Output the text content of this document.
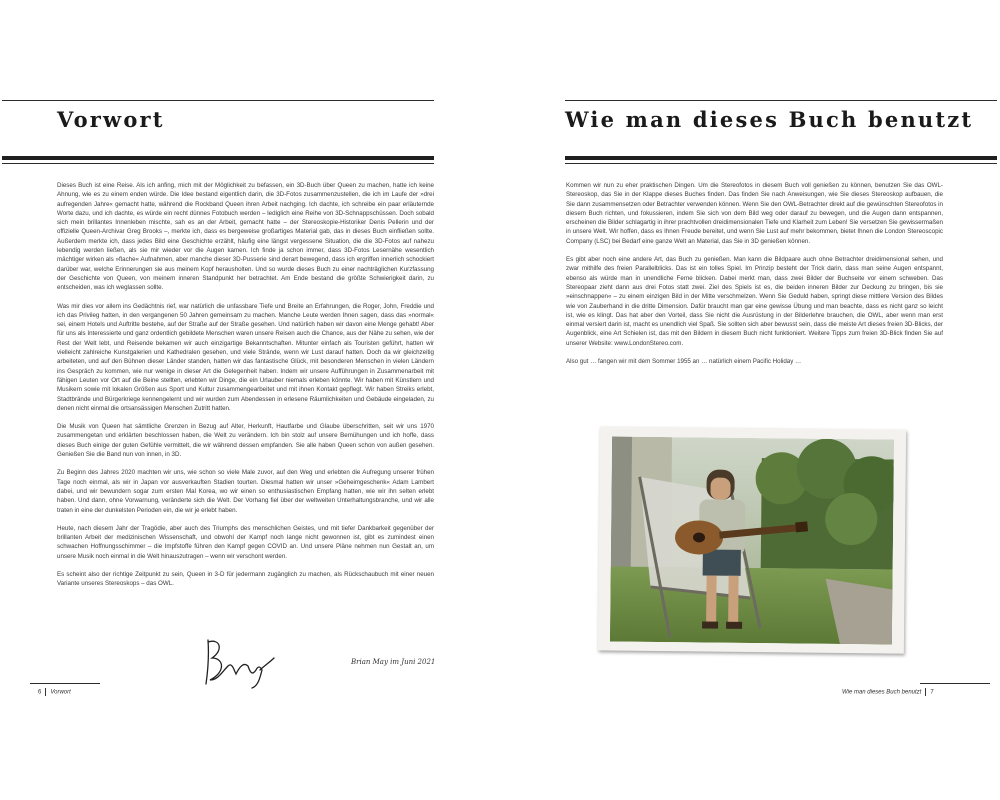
Vorwort

Dieses Buch ist eine Reise. Als ich anfing, mich mit der Möglichkeit zu befassen, ein 3D-Buch über Queen zu machen, hatte ich keine Ahnung, wie es zu einem enden würde. Die Idee bestand eigentlich darin, die 3D-Fotos zusammenzustellen, die ich im Laufe der »drei aufregenden Jahre« gemacht hatte, während die Rockband Queen ihren Arbeit nachging. Ich dachte, ich schreibe ein paar erläuternde Worte dazu, und ich dachte, es würde ein recht dünnes Fotobuch werden – lediglich eine Reihe von 3D-Schnappschüssen. Doch sobald sich mein brillantes Innenleben mischte, sah es an der Arbeit, gemacht hatte – der Stereoskopie-Historiker Denis Pellerin und der offizielle Queen-Archivar Greg Brooks –, merkte ich, dass es bergeweise großartiges Material gab, das in dieses Buch einfließen sollte. Außerdem merkte ich, dass jedes Bild eine Geschichte erzählt, häufig eine längst vergessene Situation, die die 3D-Fotos auf nahezu lebendig werden ließen, als sie mir wieder vor die Augen kamen. Ich finde ja schon immer, dass 3D-Fotos Lesernähe wesentlich mächtiger wirken als »flache« Aufnahmen, aber manche dieser 3D-Pusserie sind derart bewegend, dass ich ergriffen innerlich schockiert darüber war, welche Erinnerungen sie aus meinem Kopf herausholten. Und so wurde dieses Buch zu einer nachträglichen Kurzfassung der Geschichte von Queen, von meinem inneren Standpunkt her betrachtet. Am Ende bestand die größte Schwierigkeit darin, zu entscheiden, was ich weglassen sollte.

Was mir dies vor allem ins Gedächtnis rief, war natürlich die unfassbare Tiefe und Breite an Erfahrungen, die Roger, John, Freddie und ich das Privileg hatten, in den vergangenen 50 Jahren gemeinsam zu machen. Manche Leute werden Ihnen sagen, dass das »normal« sei, einem Hotels und Auftritte bestehe, auf der Straße auf der Straße gesehen. Und natürlich haben wir davon eine Menge gehabt! Aber für uns als Interessierte und ganz ordentlich gebildete Menschen waren unsere Reisen auch die Chance, aus der Nähe zu sehen, wie der Rest der Welt lebt, und Reisende bekamen wir auch einzigartige Bekanntschaften. Mitunter einfach als Touristen geführt, hatten wir vielleicht zahlreiche Kunstgalerien und Kathedralen gesehen, und viele Strände, wenn wir Lust darauf hatten. Doch da wir gleichzeitig arbeiteten, und auf den Bühnen dieser Länder standen, hatten wir das fantastische Glück, mit besonderen Menschen in vielen Ländern ins Gespräch zu kommen, wie nur wenige in dieser Art die Gelegenheit haben. Indem wir unsere Aufführungen in Zusammenarbeit mit fähigen Leuten vor Ort auf die Beine stellten, erlebten wir Dinge, die ein Urlauber niemals erleben könnte. Wir haben mit Künstlern und Musikern sowie mit lokalen Größen aus Sport und Kultur zusammengearbeitet und mit ihnen Kontakt gepflegt. Wir haben Streiks erlebt, Stadtbrände und Bürgerkriege kennengelernt und wir wurden zum Abendessen in erlesene Räumlichkeiten und Gebäude eingeladen, zu denen nicht einmal die ortsansässigen Menschen Zutritt hatten.

Die Musik von Queen hat sämtliche Grenzen in Bezug auf Alter, Herkunft, Hautfarbe und Glaube überschritten, seit wir uns 1970 zusammengetan und erklärten beschlossen haben, die Welt zu verändern. Ich bin stolz auf unsere Bemühungen und ich hoffe, dass dieses Buch einige der guten Gefühle vermittelt, die wir während dessen empfanden. Sie alle haben Queen schon von außen gesehen. Genießen Sie die Band nun von innen, in 3D.

Zu Beginn des Jahres 2020 machten wir uns, wie schon so viele Male zuvor, auf den Weg und erlebten die Aufregung unserer frühen Tage noch einmal, als wir in Japan vor ausverkauften Stadien tourten. Diesmal hatten wir unser »Geheimgeschenk« Adam Lambert dabei, und wir bewundern sogar zum ersten Mal Korea, wo wir einen so enthusiastischen Empfang hatten, wie wir ihn selten erlebt haben. Und dann, ohne Vorwarnung, veränderte sich die Welt. Der Vorhang fiel über der weltweiten Unterhaltungsbranche, und wir alle traten in eine der dunkelsten Perioden ein, die wir je erlebt haben.

Heute, nach diesem Jahr der Tragödie, aber auch des Triumphs des menschlichen Geistes, und mit tiefer Dankbarkeit gegenüber der brillanten Arbeit der medizinischen Wissenschaft, und obwohl der Kampf noch lange nicht gewonnen ist, gibt es zumindest einen schwachen Hoffnungsschimmer – die Impfstoffe führen den Kampf gegen COVID an. Und unsere Pläne nehmen nun Gestalt an, um unsere Musik noch einmal in die Welt hinauszutragen – wenn wir verschont werden.

Es scheint also der richtige Zeitpunkt zu sein, Queen in 3-D für jedermann zugänglich zu machen, als Rückschaubuch mit einer neuen Variante unseres Stereoskops – das OWL.

Brian May im Juni 2021
6 Vorwort
Wie man dieses Buch benutzt

Kommen wir nun zu eher praktischen Dingen. Um die Stereofotos in diesem Buch voll genießen zu können, benutzen Sie das OWL-Stereoskop, das Sie in der Klappe dieses Buches finden. Das finden Sie nach Anweisungen, wie Sie dieses Stereoskop aufbauen, die Sie dann zusammensetzen oder Betrachter verwenden können. Wenn Sie den OWL-Betrachter direkt auf die gewünschten Stereofotos in diesem Buch richten, und fokussieren, indem Sie sich von dem Bild weg oder darauf zu bewegen, und die Augen dann entspannen, erscheinen die Bilder schlagartig in ihrer prachtvollen dreidimensionalen Tiefe und Klarheit zum Leben! Sie versetzen Sie gewissermaßen in unsere Welt. Wir hoffen, dass es Ihnen Freude bereitet, und wenn Sie Lust auf mehr bekommen, bietet Ihnen die London Stereoscopic Company (LSC) bei Bedarf eine ganze Welt an Material, das Sie in 3D genießen können.

Es gibt aber noch eine andere Art, das Buch zu genießen. Man kann die Bildpaare auch ohne Betrachter dreidimensional sehen, und zwar mithilfe des freien Parallelblicks. Das ist ein tolles Spiel. Im Prinzip besteht der Trick darin, dass man seine Augen entspannt, ebenso als würde man in unendliche Ferne blicken. Dabei merkt man, dass zwei Bilder der Buchseite vor einem schweben. Das Stereopaar zieht dann aus drei Fotos statt zwei. Ziel des Spiels ist es, die beiden inneren Bilder zur Deckung zu bringen, bis sie »einschnappen« – zu einem einzigen Bild in der Mitte verschmelzen. Wenn Sie Geduld haben, springt diese mittlere Version des Bildes wie von Zauberhand in die dritte Dimension. Dafür braucht man gar eine gewisse Übung und man beachte, dass es nicht ganz so leicht ist, wie es klingt. Das hat aber den Vorteil, dass Sie nicht die Ausrüstung in der Bilderlehre brauchen, die OWL, aber wenn man erst einmal versiert darin ist, macht es unendlich viel Spaß. Sie sollten sich aber bewusst sein, dass die meiste Art dieses freien 3D-Blicks, der Augenblick, eine Art Schielen ist, das mit den Bildern in diesem Buch nicht funktioniert. Weitere Tipps zum freien 3D-Blick finden Sie auf unserer Website: www.LondonStereo.com.

Also gut … fangen wir mit dem Sommer 1955 an … natürlich einem Pacific Holiday …

Wie man dieses Buch benutzt 7
